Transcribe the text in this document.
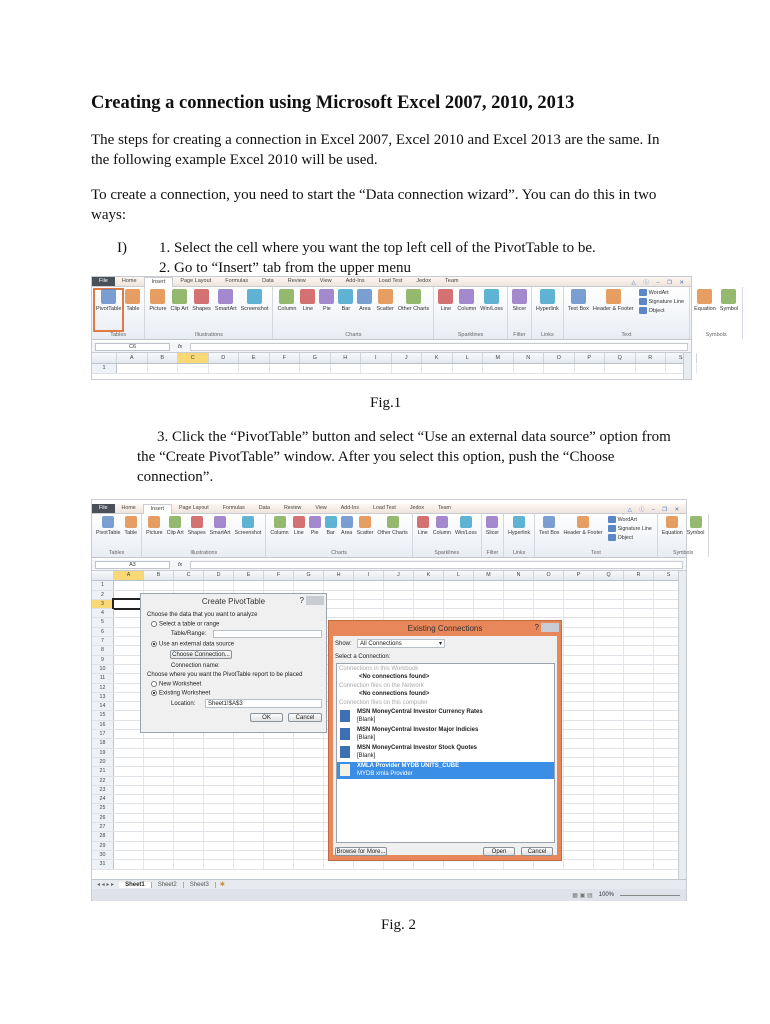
Creating a connection using Microsoft Excel 2007, 2010, 2013
The steps for creating a connection in Excel 2007, Excel 2010 and Excel 2013 are the same. In
the following example Excel 2010 will be used.
To create a connection, you need to start the “Data connection wizard”. You can do this in two
ways:
I) 1. Select the cell where you want the top left cell of the PivotTable to be.
2. Go to “Insert” tab from the upper menu
File	Home	Insert	Page Layout	Formulas	Data	Review	View	Add-Ins	Load Test	Jedox	Team	△ ⓘ – ❐ ✕
PivotTable Table
Tables
Picture Clip Art Shapes SmartArt Screenshot
Illustrations
Column Line Pie Bar Area Scatter Other Charts
Charts
Line Column Win/Loss
Sparklines
Slicer
Filter
Hyperlink
Links
Text Box Header & Footer
WordArt
Signature Line
Object
Text
Equation Symbol
Symbols
C6	fx
A	B	C	D	E	F	G	H	I	J	K	L	M	N	O	P	Q	R	S
1
Fig.1
3. Click the “PivotTable” button and select “Use an external data source” option from
the “Create PivotTable” window. After you select this option, push the “Choose
connection”.
File	Home	Insert	Page Layout	Formulas	Data	Review	View	Add-Ins	Load Test	Jedox	Team	△ ⓘ – ❐ ✕
PivotTable Table
Tables
Picture Clip Art Shapes SmartArt Screenshot
Illustrations
Column Line Pie Bar Area Scatter Other Charts
Charts
Line Column Win/Loss
Sparklines
Slicer
Filter
Hyperlink
Links
Text Box Header & Footer
WordArt
Signature Line
Object
Text
Equation Symbol
Symbols
A3	fx
A	B	C	D	E	F	G	H	I	J	K	L	M	N	O	P	Q	R	S
1
2
3
4
5
6
7
8
9
10
11
12
13
14
15
16
17
18
19
20
21
22
23
24
25
26
27
28
29
30
31
◂ ◂ ▸ ▸	Sheet1	Sheet2	Sheet3	✱
▦ ▣ ▤ 100%
Create PivotTable	?
Choose the data that you want to analyze
Select a table or range
Table/Range:
Use an external data source
Choose Connection...
Connection name:
Choose where you want the PivotTable report to be placed
New Worksheet
Existing Worksheet
Location:	Sheet1!$A$3
OK	Cancel
Existing Connections	?
Show:	All Connections	▾
Select a Connection:
Connections in this Workbook
<No connections found>
Connection files on the Network
<No connections found>
Connection files on this computer
MSN MoneyCentral Investor Currency Rates
[Blank]
MSN MoneyCentral Investor Major Indicies
[Blank]
MSN MoneyCentral Investor Stock Quotes
[Blank]
XMLA Provider MYDB UNITS_CUBE
MYDB xmla Provider
Browse for More...	Open	Cancel
Fig. 2
